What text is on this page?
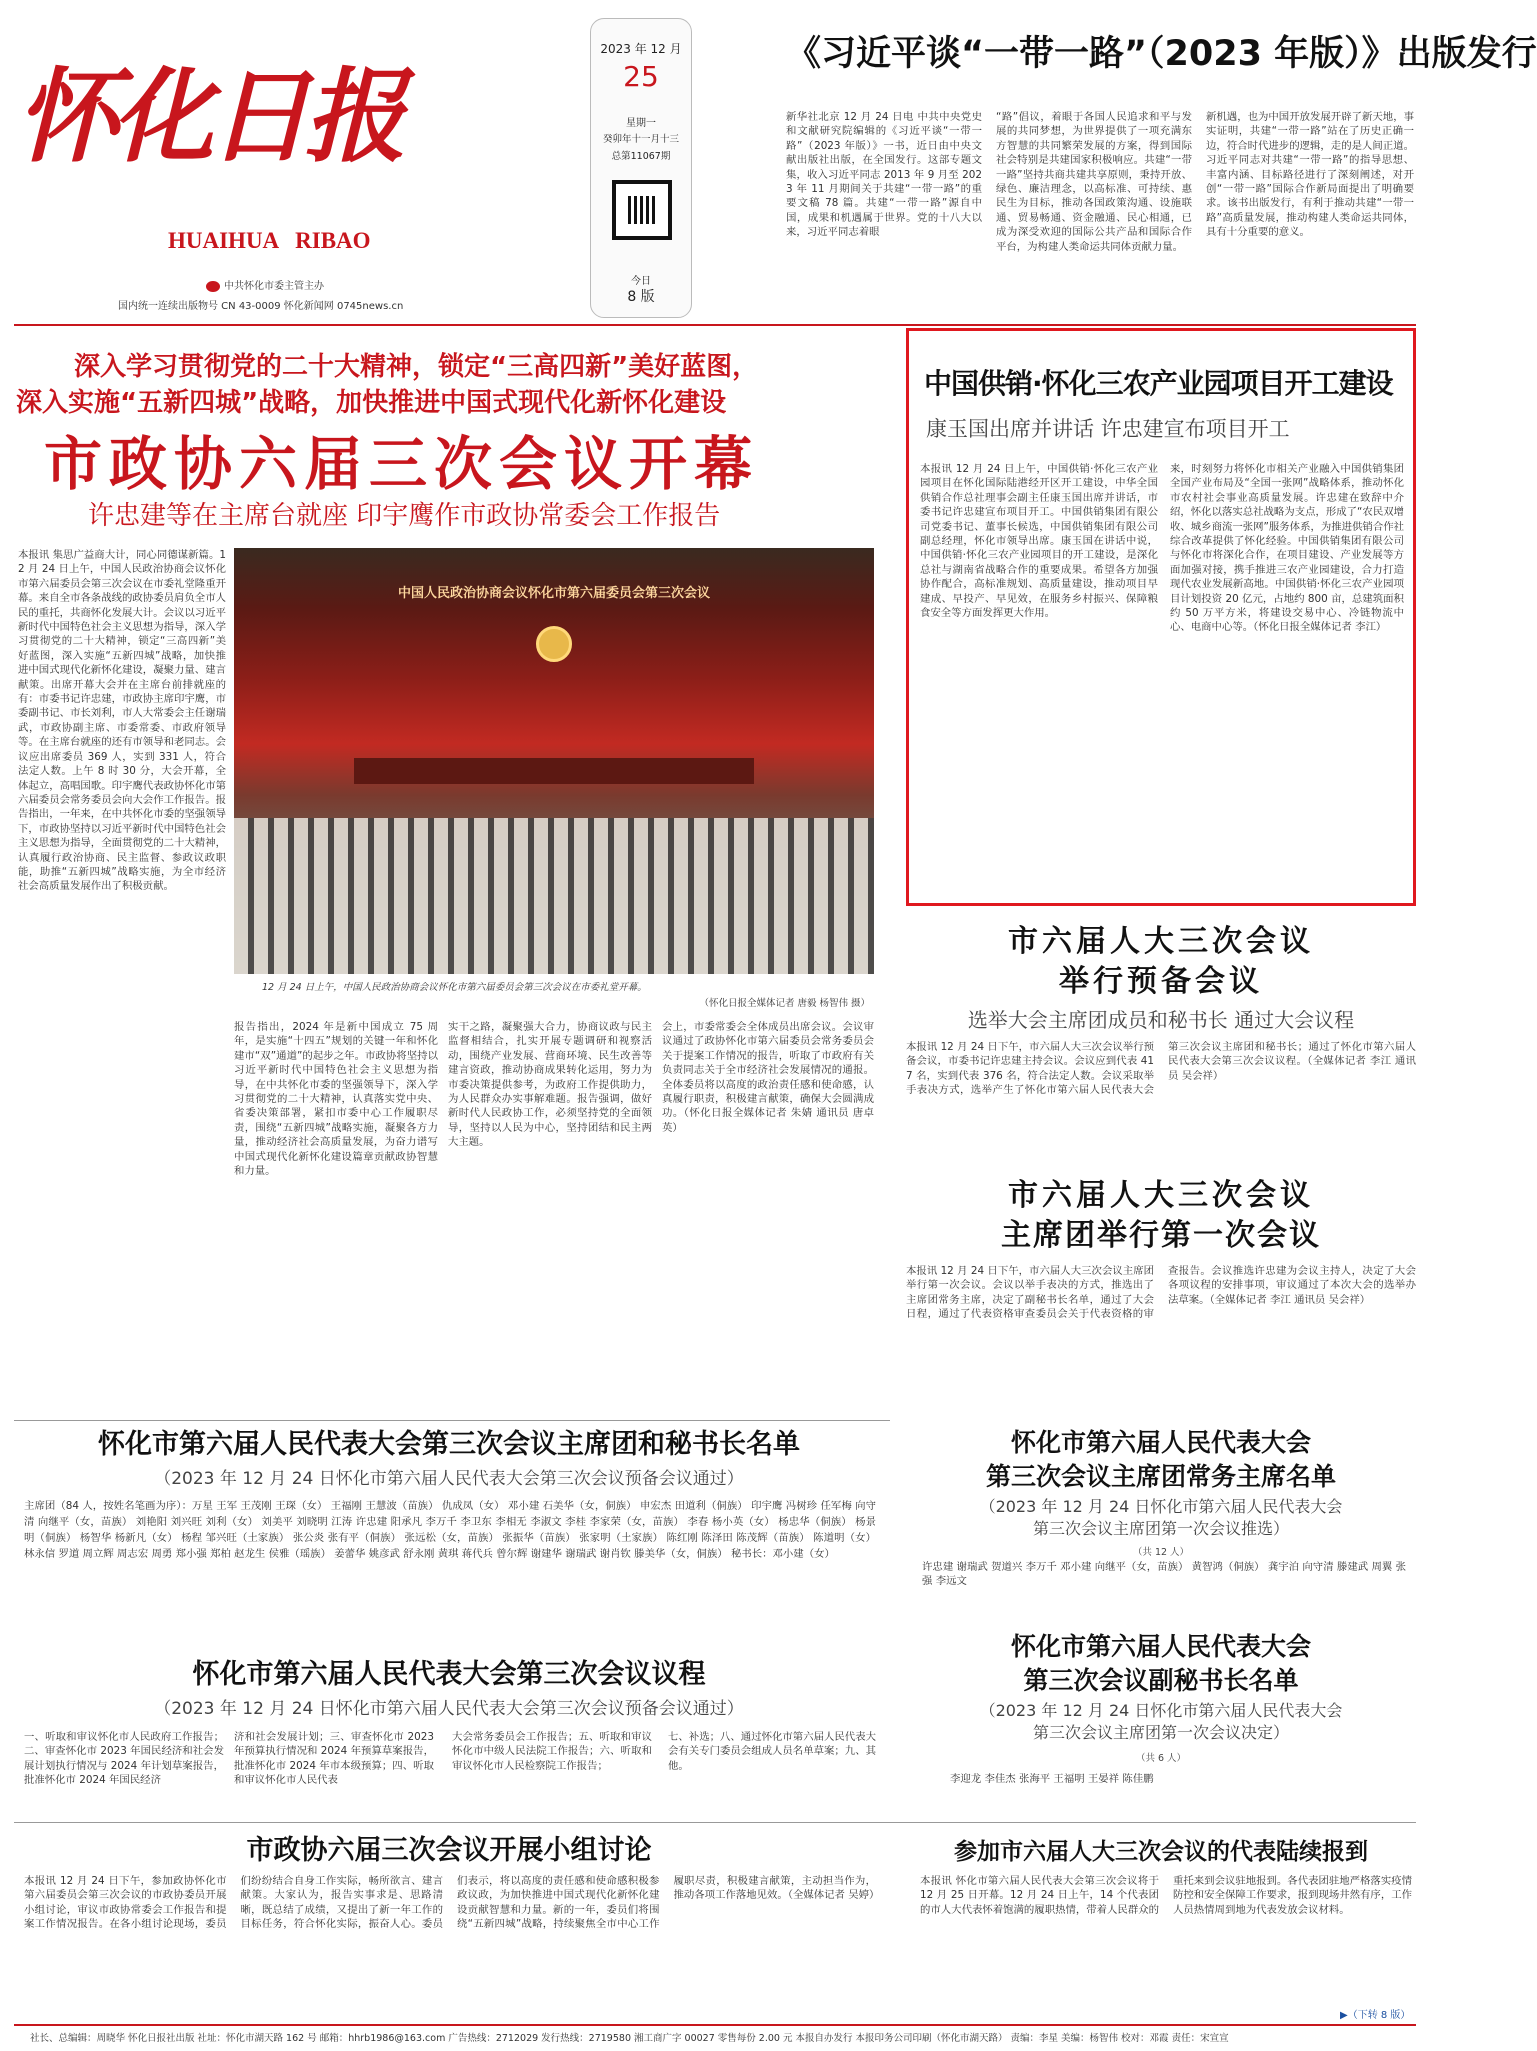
怀化日报
HUAIHUA   RIBAO
中共怀化市委主管主办
国内统一连续出版物号 CN 43-0009 怀化新闻网 0745news.cn
2023 年 12 月
25
星期一
癸卯年十一月十三
总第11067期
今日
8 版
《习近平谈“一带一路”（2023 年版）》出版发行
新华社北京 12 月 24 日电 中共中央党史和文献研究院编辑的《习近平谈“一带一路”（2023 年版）》一书，近日由中央文献出版社出版，在全国发行。这部专题文集，收入习近平同志 2013 年 9 月至 2023 年 11 月期间关于共建“一带一路”的重要文稿 78 篇。共建“一带一路”源自中国，成果和机遇属于世界。党的十八大以来，习近平同志着眼
“路”倡议，着眼于各国人民追求和平与发展的共同梦想，为世界提供了一项充满东方智慧的共同繁荣发展的方案，得到国际社会特别是共建国家积极响应。共建“一带一路”坚持共商共建共享原则，秉持开放、绿色、廉洁理念，以高标准、可持续、惠民生为目标，推动各国政策沟通、设施联通、贸易畅通、资金融通、民心相通，已成为深受欢迎的国际公共产品和国际合作平台，为构建人类命运共同体贡献力量。
新机遇，也为中国开放发展开辟了新天地，事实证明，共建“一带一路”站在了历史正确一边，符合时代进步的逻辑，走的是人间正道。习近平同志对共建“一带一路”的指导思想、丰富内涵、目标路径进行了深刻阐述，对开创“一带一路”国际合作新局面提出了明确要求。该书出版发行，有利于推动共建“一带一路”高质量发展，推动构建人类命运共同体，具有十分重要的意义。
深入学习贯彻党的二十大精神，锁定“三高四新”美好蓝图，
深入实施“五新四城”战略，加快推进中国式现代化新怀化建设
市政协六届三次会议开幕
许忠建等在主席台就座 印宇鹰作市政协常委会工作报告
本报讯 集思广益商大计，同心同德谋新篇。12 月 24 日上午，中国人民政治协商会议怀化市第六届委员会第三次会议在市委礼堂隆重开幕。来自全市各条战线的政协委员肩负全市人民的重托，共商怀化发展大计。会议以习近平新时代中国特色社会主义思想为指导，深入学习贯彻党的二十大精神，锁定“三高四新”美好蓝图，深入实施“五新四城”战略，加快推进中国式现代化新怀化建设，凝聚力量、建言献策。出席开幕大会并在主席台前排就座的有：市委书记许忠建，市政协主席印宇鹰，市委副书记、市长刘利，市人大常委会主任谢瑞武，市政协副主席、市委常委、市政府领导等。在主席台就座的还有市领导和老同志。会议应出席委员 369 人，实到 331 人，符合法定人数。上午 8 时 30 分，大会开幕，全体起立，高唱国歌。印宇鹰代表政协怀化市第六届委员会常务委员会向大会作工作报告。报告指出，一年来，在中共怀化市委的坚强领导下，市政协坚持以习近平新时代中国特色社会主义思想为指导，全面贯彻党的二十大精神，认真履行政治协商、民主监督、参政议政职能，助推“五新四城”战略实施，为全市经济社会高质量发展作出了积极贡献。
中国人民政治协商会议怀化市第六届委员会第三次会议
12 月 24 日上午，中国人民政治协商会议怀化市第六届委员会第三次会议在市委礼堂开幕。
（怀化日报全媒体记者 唐毅 杨智伟 摄）
报告指出，2024 年是新中国成立 75 周年，是实施“十四五”规划的关键一年和怀化建市“双”通道”的起步之年。市政协将坚持以习近平新时代中国特色社会主义思想为指导，在中共怀化市委的坚强领导下，深入学习贯彻党的二十大精神，认真落实党中央、省委决策部署，紧扣市委中心工作履职尽责，围绕“五新四城”战略实施，凝聚各方力量，推动经济社会高质量发展，为奋力谱写中国式现代化新怀化建设篇章贡献政协智慧和力量。
实干之路，凝聚强大合力，协商议政与民主监督相结合，扎实开展专题调研和视察活动，围绕产业发展、营商环境、民生改善等建言资政，推动协商成果转化运用，努力为市委决策提供参考，为政府工作提供助力，为人民群众办实事解难题。报告强调，做好新时代人民政协工作，必须坚持党的全面领导，坚持以人民为中心，坚持团结和民主两大主题。
会上，市委常委会全体成员出席会议。会议审议通过了政协怀化市第六届委员会常务委员会关于提案工作情况的报告，听取了市政府有关负责同志关于全市经济社会发展情况的通报。全体委员将以高度的政治责任感和使命感，认真履行职责，积极建言献策，确保大会圆满成功。（怀化日报全媒体记者 朱婧 通讯员 唐卓英）
中国供销·怀化三农产业园项目开工建设
康玉国出席并讲话 许忠建宣布项目开工
本报讯 12 月 24 日上午，中国供销·怀化三农产业园项目在怀化国际陆港经开区开工建设，中华全国供销合作总社理事会副主任康玉国出席并讲话，市委书记许忠建宣布项目开工。中国供销集团有限公司党委书记、董事长候选，中国供销集团有限公司副总经理，怀化市领导出席。康玉国在讲话中说，中国供销·怀化三农产业园项目的开工建设，是深化总社与湖南省战略合作的重要成果。希望各方加强协作配合，高标准规划、高质量建设，推动项目早建成、早投产、早见效，在服务乡村振兴、保障粮食安全等方面发挥更大作用。
来，时刻努力将怀化市相关产业融入中国供销集团全国产业布局及“全国一张网”战略体系，推动怀化市农村社会事业高质量发展。许忠建在致辞中介绍，怀化以落实总社战略为支点，形成了“农民双增收、城乡商流一张网”服务体系，为推进供销合作社综合改革提供了怀化经验。中国供销集团有限公司与怀化市将深化合作，在项目建设、产业发展等方面加强对接，携手推进三农产业园建设，合力打造现代农业发展新高地。中国供销·怀化三农产业园项目计划投资 20 亿元，占地约 800 亩，总建筑面积约 50 万平方米，将建设交易中心、冷链物流中心、电商中心等。（怀化日报全媒体记者 李江）
市六届人大三次会议
举行预备会议
选举大会主席团成员和秘书长 通过大会议程
本报讯 12 月 24 日下午，市六届人大三次会议举行预备会议，市委书记许忠建主持会议。会议应到代表 417 名，实到代表 376 名，符合法定人数。会议采取举手表决方式，选举产生了怀化市第六届人民代表大会第三次会议主席团和秘书长；通过了怀化市第六届人民代表大会第三次会议议程。（全媒体记者 李江 通讯员 吴会祥）
市六届人大三次会议
主席团举行第一次会议
本报讯 12 月 24 日下午，市六届人大三次会议主席团举行第一次会议。会议以举手表决的方式，推选出了主席团常务主席，决定了副秘书长名单，通过了大会日程，通过了代表资格审查委员会关于代表资格的审查报告。会议推选许忠建为会议主持人，决定了大会各项议程的安排事项，审议通过了本次大会的选举办法草案。（全媒体记者 李江 通讯员 吴会祥）
怀化市第六届人民代表大会第三次会议主席团和秘书长名单
（2023 年 12 月 24 日怀化市第六届人民代表大会第三次会议预备会议通过）
主席团（84 人，按姓名笔画为序）：万星 王军 王茂刚 王琛（女） 王福刚 王慧波（苗族） 仇成凤（女） 邓小建 石美华（女，侗族） 申宏杰 田道利（侗族） 印宇鹰 冯树珍 任军梅 向守清 向继平（女，苗族） 刘艳阳 刘兴旺 刘利（女） 刘美平 刘晓明 江涛 许忠建 阳承凡 李万千 李卫东 李相无 李淑文 李桂 李家荣（女，苗族） 李春 杨小英（女） 杨忠华（侗族） 杨景明（侗族） 杨智华 杨新凡（女） 杨程 邹兴旺（土家族） 张公炎 张有平（侗族） 张远松（女，苗族） 张振华（苗族） 张家明（土家族） 陈红刚 陈泽田 陈茂辉（苗族） 陈道明（女） 林永信 罗道 周立辉 周志宏 周勇 郑小强 郑柏 赵龙生 侯雅（瑶族） 姜蕾华 姚彦武 舒永刚 黄琪 蒋代兵 曾尔辉 谢建华 谢瑞武 谢肖钦 滕美华（女，侗族） 秘书长：邓小建（女）
怀化市第六届人民代表大会第三次会议议程
（2023 年 12 月 24 日怀化市第六届人民代表大会第三次会议预备会议通过）
一、听取和审议怀化市人民政府工作报告；二、审查怀化市 2023 年国民经济和社会发展计划执行情况与 2024 年计划草案报告，批准怀化市 2024 年国民经济
济和社会发展计划；三、审查怀化市 2023 年预算执行情况和 2024 年预算草案报告，批准怀化市 2024 年市本级预算；四、听取和审议怀化市人民代表
大会常务委员会工作报告；五、听取和审议怀化市中级人民法院工作报告；六、听取和审议怀化市人民检察院工作报告；
七、补选；八、通过怀化市第六届人民代表大会有关专门委员会组成人员名单草案；九、其他。
怀化市第六届人民代表大会
第三次会议主席团常务主席名单
（2023 年 12 月 24 日怀化市第六届人民代表大会
第三次会议主席团第一次会议推选）
（共 12 人）
许忠建 谢瑞武 贺道兴 李万千 邓小建 向继平（女，苗族） 黄智鸿（侗族） 龚宇泊 向守清 滕建武 周翼 张强 李远文
怀化市第六届人民代表大会
第三次会议副秘书长名单
（2023 年 12 月 24 日怀化市第六届人民代表大会
第三次会议主席团第一次会议决定）
（共 6 人）
李迎龙 李佳杰 张海平 王福明 王晏祥 陈佳鹏
市政协六届三次会议开展小组讨论
本报讯 12 月 24 日下午，参加政协怀化市第六届委员会第三次会议的市政协委员开展小组讨论，审议市政协常委会工作报告和提案工作情况报告。在各小组讨论现场，委员们纷纷结合自身工作实际，畅所欲言、建言献策。大家认为，报告实事求是、思路清晰，既总结了成绩，又提出了新一年工作的目标任务，符合怀化实际，振奋人心。委员们表示，将以高度的责任感和使命感积极参政议政，为加快推进中国式现代化新怀化建设贡献智慧和力量。新的一年，委员们将围绕“五新四城”战略，持续聚焦全市中心工作履职尽责，积极建言献策，主动担当作为，推动各项工作落地见效。（全媒体记者 吴婷）
参加市六届人大三次会议的代表陆续报到
本报讯 怀化市第六届人民代表大会第三次会议将于 12 月 25 日开幕。12 月 24 日上午，14 个代表团的市人大代表怀着饱满的履职热情，带着人民群众的重托来到会议驻地报到。各代表团驻地严格落实疫情防控和安全保障工作要求，报到现场井然有序，工作人员热情周到地为代表发放会议材料。
▶（下转 8 版）
社长、总编辑：周晓华 怀化日报社出版 社址：怀化市湖天路 162 号 邮箱：hhrb1986@163.com 广告热线：2712029 发行热线：2719580 湘工商广字 00027 零售每份 2.00 元 本报自办发行 本报印务公司印刷（怀化市湖天路） 责编：李星 美编：杨智伟 校对：邓霞 责任：宋宣宣
